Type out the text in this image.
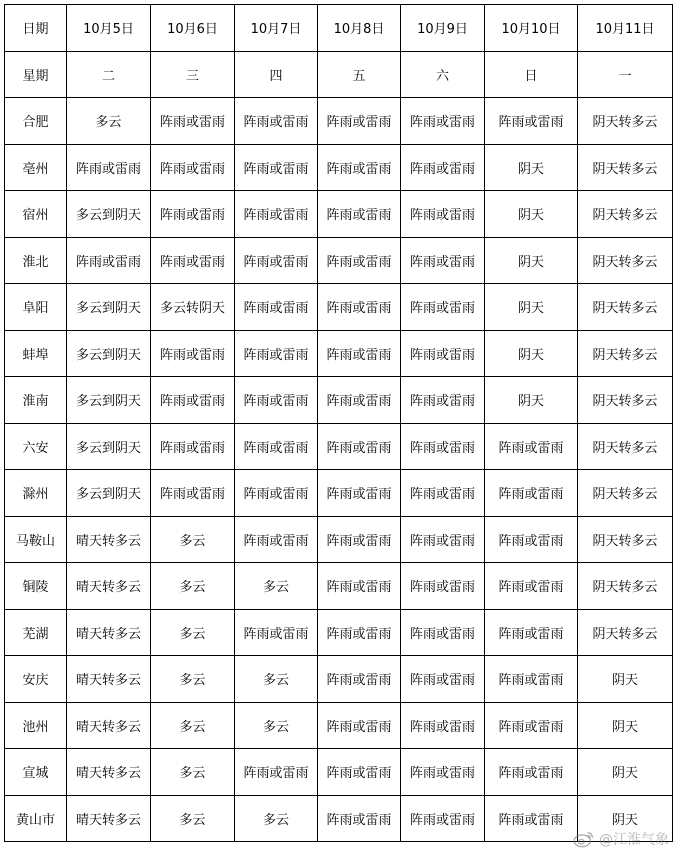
日期	10月5日	10月6日	10月7日	10月8日	10月9日	10月10日	10月11日
星期	二	三	四	五	六	日	一
合肥	多云	阵雨或雷雨	阵雨或雷雨	阵雨或雷雨	阵雨或雷雨	阵雨或雷雨	阴天转多云
亳州	阵雨或雷雨	阵雨或雷雨	阵雨或雷雨	阵雨或雷雨	阵雨或雷雨	阴天	阴天转多云
宿州	多云到阴天	阵雨或雷雨	阵雨或雷雨	阵雨或雷雨	阵雨或雷雨	阴天	阴天转多云
淮北	阵雨或雷雨	阵雨或雷雨	阵雨或雷雨	阵雨或雷雨	阵雨或雷雨	阴天	阴天转多云
阜阳	多云到阴天	多云转阴天	阵雨或雷雨	阵雨或雷雨	阵雨或雷雨	阴天	阴天转多云
蚌埠	多云到阴天	阵雨或雷雨	阵雨或雷雨	阵雨或雷雨	阵雨或雷雨	阴天	阴天转多云
淮南	多云到阴天	阵雨或雷雨	阵雨或雷雨	阵雨或雷雨	阵雨或雷雨	阴天	阴天转多云
六安	多云到阴天	阵雨或雷雨	阵雨或雷雨	阵雨或雷雨	阵雨或雷雨	阵雨或雷雨	阴天转多云
滁州	多云到阴天	阵雨或雷雨	阵雨或雷雨	阵雨或雷雨	阵雨或雷雨	阵雨或雷雨	阴天转多云
马鞍山	晴天转多云	多云	阵雨或雷雨	阵雨或雷雨	阵雨或雷雨	阵雨或雷雨	阴天转多云
铜陵	晴天转多云	多云	多云	阵雨或雷雨	阵雨或雷雨	阵雨或雷雨	阴天转多云
芜湖	晴天转多云	多云	阵雨或雷雨	阵雨或雷雨	阵雨或雷雨	阵雨或雷雨	阴天转多云
安庆	晴天转多云	多云	多云	阵雨或雷雨	阵雨或雷雨	阵雨或雷雨	阴天
池州	晴天转多云	多云	多云	阵雨或雷雨	阵雨或雷雨	阵雨或雷雨	阴天
宣城	晴天转多云	多云	阵雨或雷雨	阵雨或雷雨	阵雨或雷雨	阵雨或雷雨	阴天
黄山市	晴天转多云	多云	多云	阵雨或雷雨	阵雨或雷雨	阵雨或雷雨	阴天
@江淮气象
